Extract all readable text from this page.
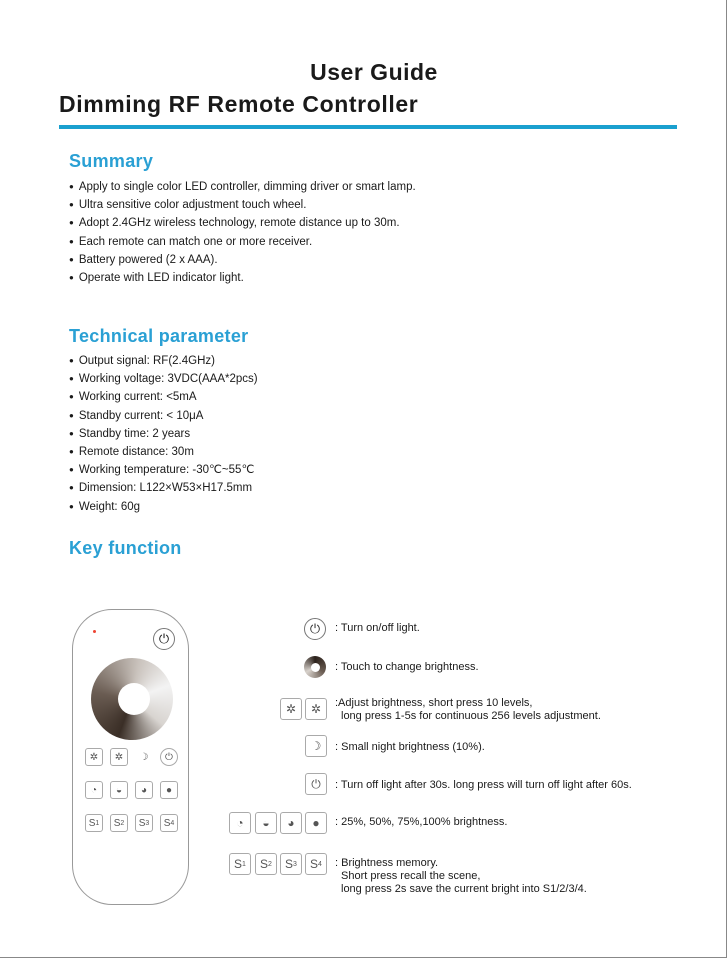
User Guide
Dimming RF Remote Controller
Summary
● Apply to single color LED controller, dimming driver or smart lamp.
● Ultra sensitive color adjustment touch wheel.
● Adopt 2.4GHz wireless technology, remote distance up to 30m.
● Each remote can match one or more receiver.
● Battery powered (2 x AAA).
● Operate with LED indicator light.
Technical parameter
● Output signal: RF(2.4GHz)
● Working voltage: 3VDC(AAA*2pcs)
● Working current: <5mA
● Standby current: < 10μA
● Standby time: 2 years
● Remote distance: 30m
● Working temperature: -30℃~55℃
● Dimension: L122×W53×H17.5mm
● Weight: 60g
Key function
⏻
✲	✲	☽	⏻
◔	◒	◕	●
S 1 S 2 S 3 S 4
⏻	: Turn on/off light.
: Touch to change brightness.
✲	✲	:Adjust brightness, short press 10 levels,
long press 1-5s for continuous 256 levels adjustment.
☽	: Small night brightness (10%).
⏻	: Turn off light after 30s. long press will turn off light after 60s.
◔	◒	◕	●	: 25%, 50%, 75%,100% brightness.
S 1 S 2 S 3 S 4 : Brightness memory.
Short press recall the scene,
long press 2s save the current bright into S1/2/3/4.
